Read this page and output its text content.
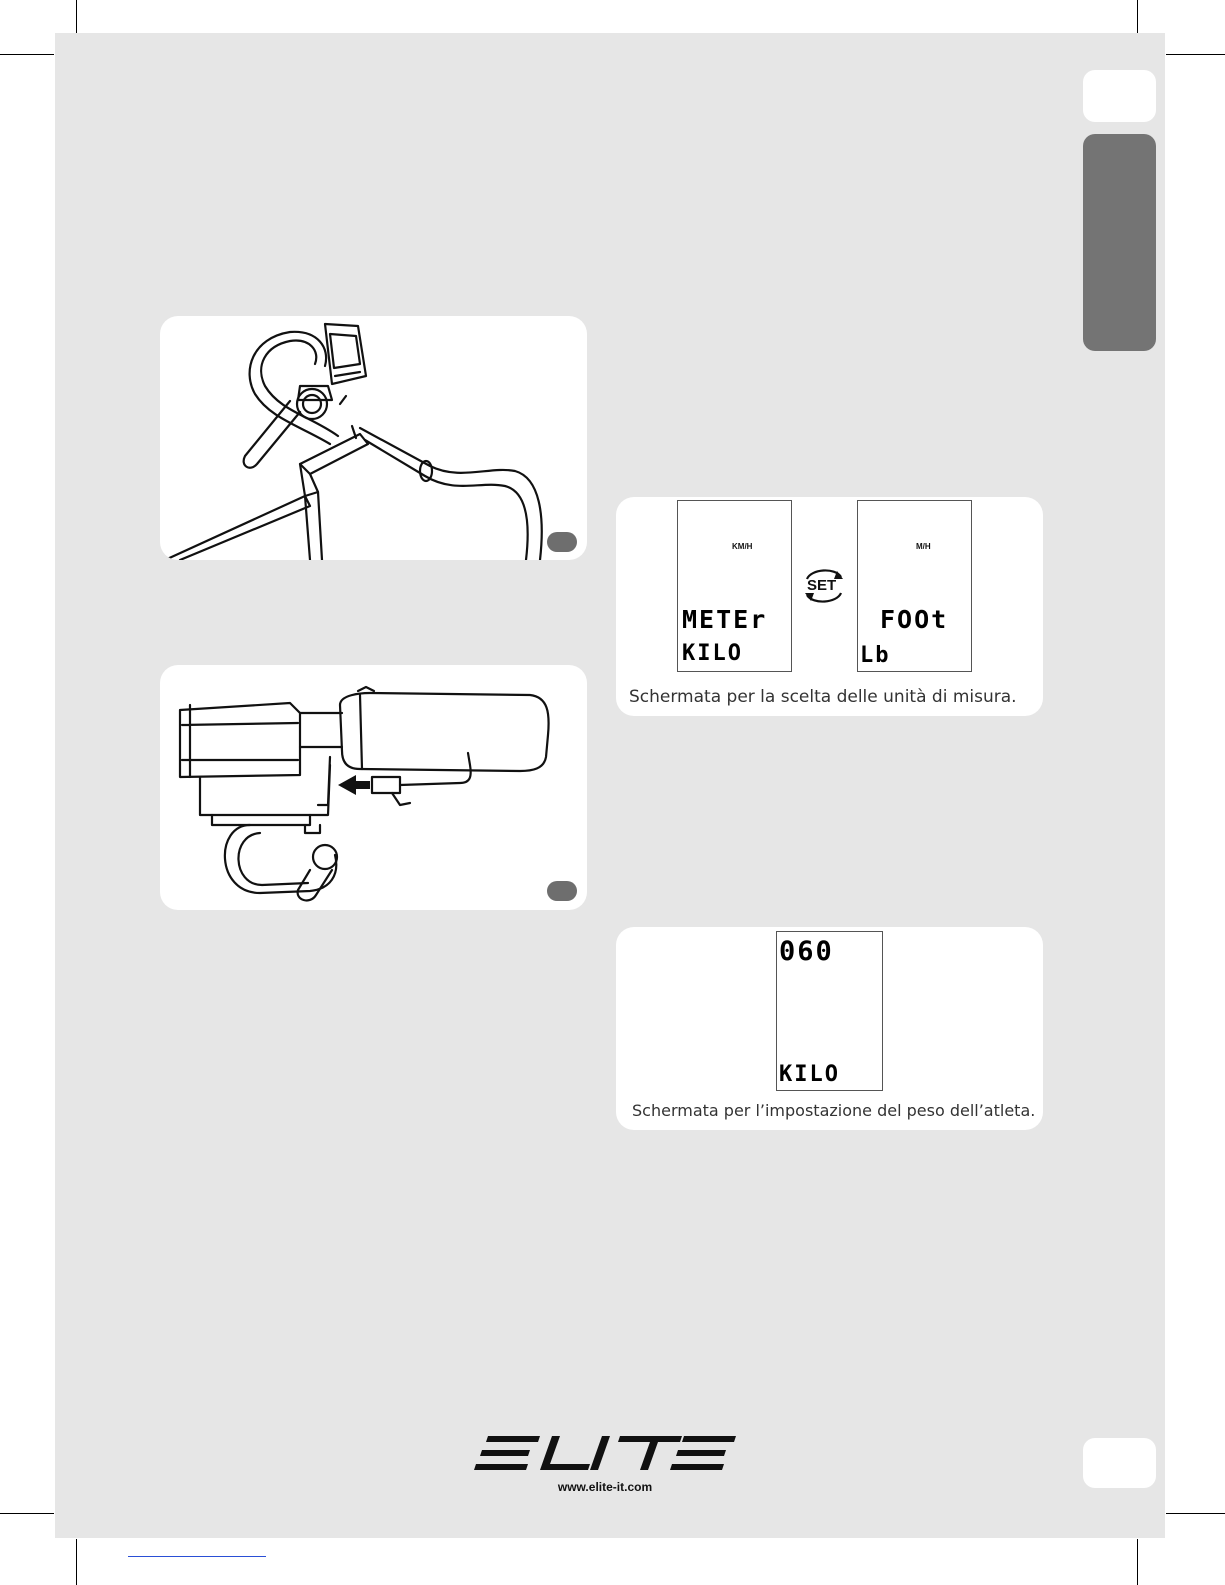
KM/H
METEr
KILO
SET
M/H
FOOt
Lb
Schermata per la scelta delle unità di misura.
060
KILO
Schermata per l’impostazione del peso dell’atleta.
www.elite-it.com
